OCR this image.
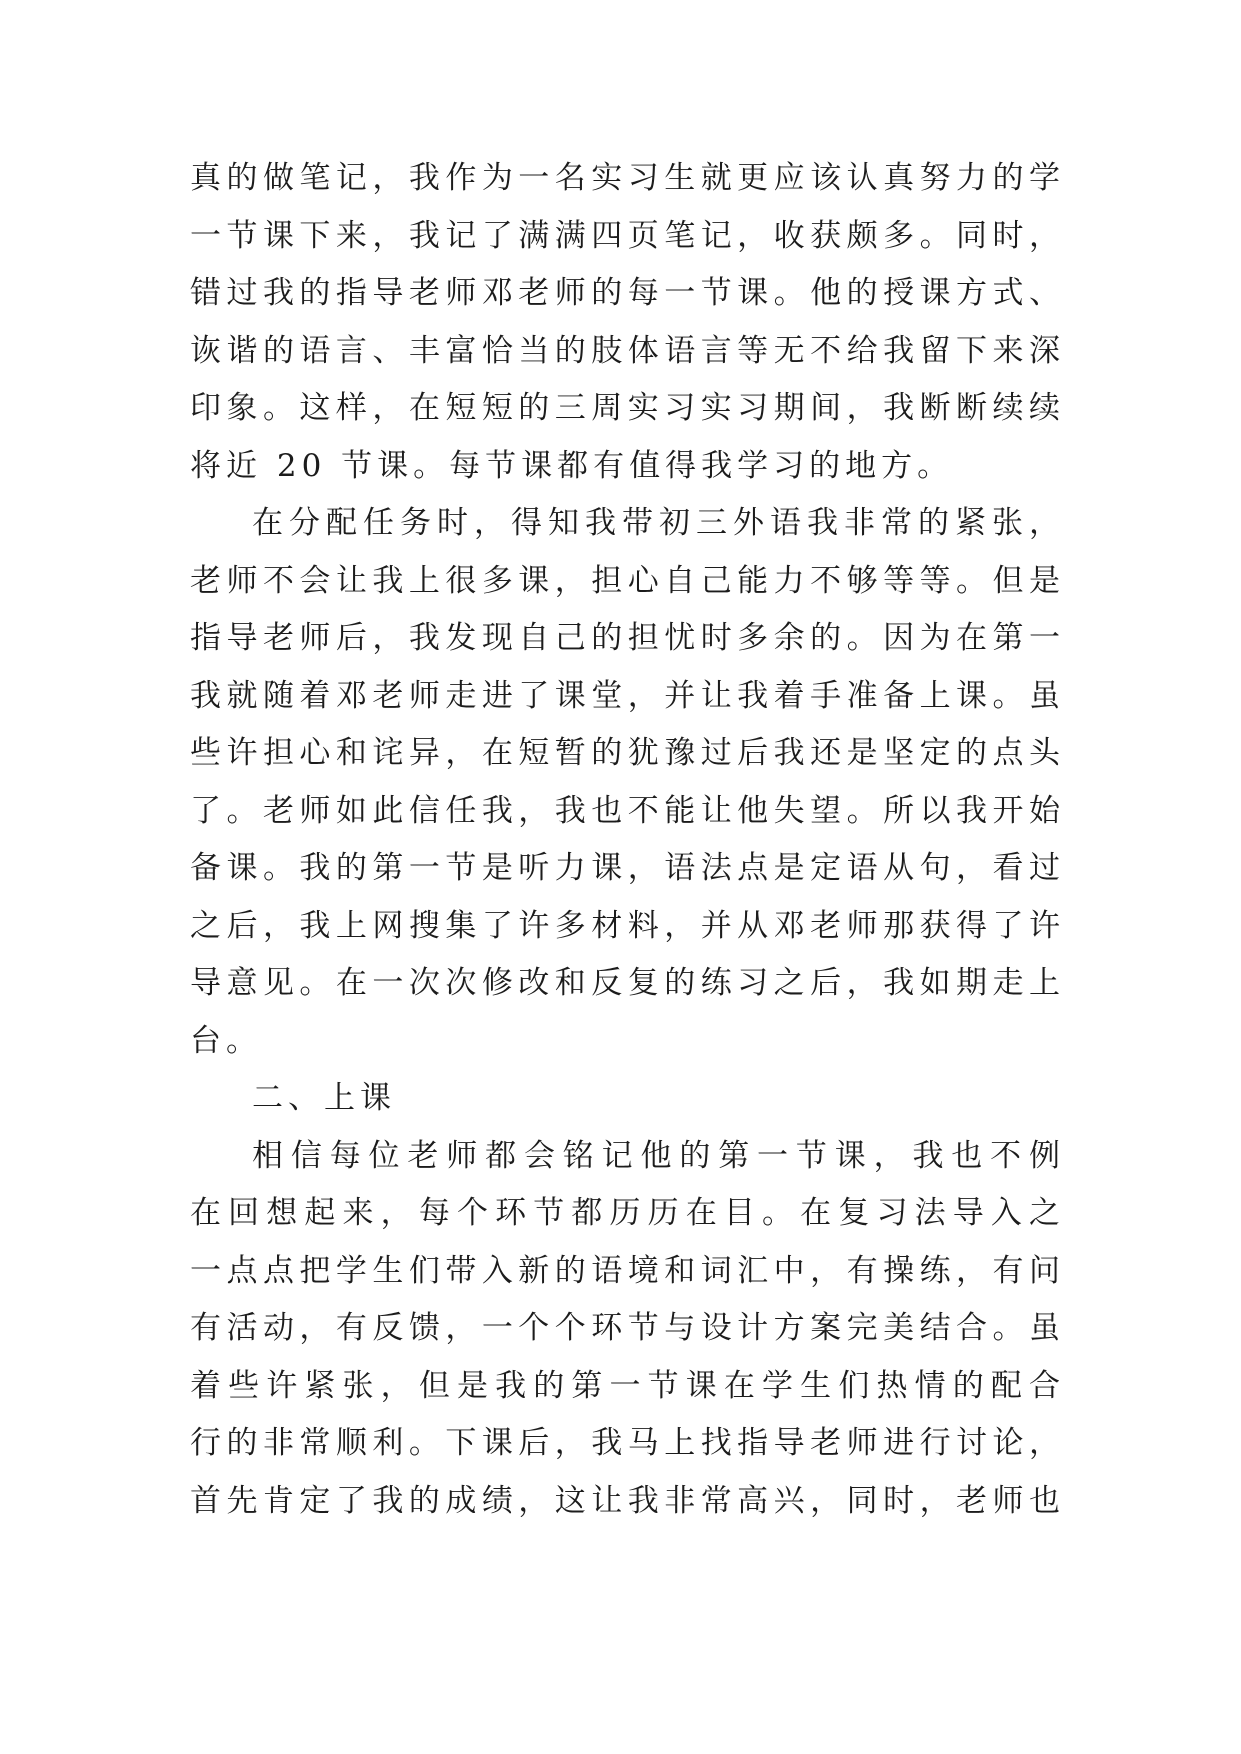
真的做笔记，我作为一名实习生就更应该认真努力的学
一节课下来，我记了满满四页笔记，收获颇多。同时，
错过我的指导老师邓老师的每一节课。他的授课方式、
诙谐的语言、丰富恰当的肢体语言等无不给我留下来深
印象。这样，在短短的三周实习实习期间，我断断续续
将近 20 节课。每节课都有值得我学习的地方。
在分配任务时，得知我带初三外语我非常的紧张，
老师不会让我上很多课，担心自己能力不够等等。但是
指导老师后，我发现自己的担忧时多余的。因为在第一
我就随着邓老师走进了课堂，并让我着手准备上课。虽
些许担心和诧异，在短暂的犹豫过后我还是坚定的点头
了。老师如此信任我，我也不能让他失望。所以我开始
备课。我的第一节是听力课，语法点是定语从句，看过
之后，我上网搜集了许多材料，并从邓老师那获得了许
导意见。在一次次修改和反复的练习之后，我如期走上
台。
二、上课
相信每位老师都会铭记他的第一节课，我也不例
在回想起来，每个环节都历历在目。在复习法导入之
一点点把学生们带入新的语境和词汇中，有操练，有问
有活动，有反馈，一个个环节与设计方案完美结合。虽
着些许紧张，但是我的第一节课在学生们热情的配合
行的非常顺利。下课后，我马上找指导老师进行讨论，
首先肯定了我的成绩，这让我非常高兴，同时，老师也
